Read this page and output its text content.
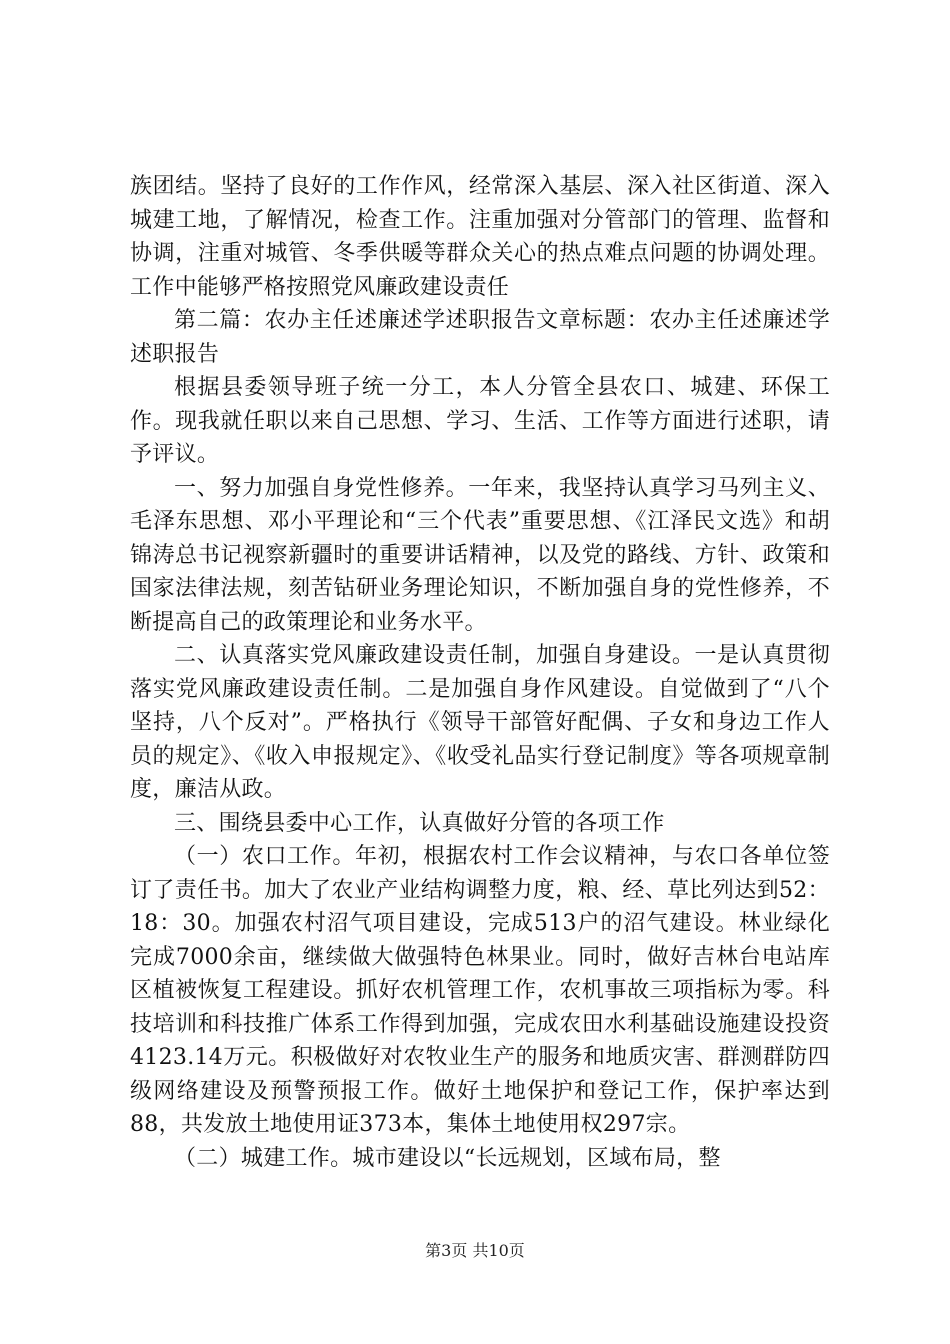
族团结。坚持了良好的工作作风，经常深入基层、深入社区街道、深入城建工地，了解情况，检查工作。注重加强对分管部门的管理、监督和协调，注重对城管、冬季供暖等群众关心的热点难点问题的协调处理。工作中能够严格按照党风廉政建设责任

第二篇：农办主任述廉述学述职报告文章标题：农办主任述廉述学述职报告

根据县委领导班子统一分工，本人分管全县农口、城建、环保工作。现我就任职以来自己思想、学习、生活、工作等方面进行述职，请予评议。

一、努力加强自身党性修养。一年来，我坚持认真学习马列主义、毛泽东思想、邓小平理论和“三个代表”重要思想、《江泽民文选》和胡锦涛总书记视察新疆时的重要讲话精神，以及党的路线、方针、政策和国家法律法规，刻苦钻研业务理论知识，不断加强自身的党性修养，不断提高自己的政策理论和业务水平。

二、认真落实党风廉政建设责任制，加强自身建设。一是认真贯彻落实党风廉政建设责任制。二是加强自身作风建设。自觉做到了“八个坚持，八个反对”。严格执行《领导干部管好配偶、子女和身边工作人员的规定》、《收入申报规定》、《收受礼品实行登记制度》等各项规章制度，廉洁从政。

三、围绕县委中心工作，认真做好分管的各项工作

（一）农口工作。年初，根据农村工作会议精神，与农口各单位签订了责任书。加大了农业产业结构调整力度，粮、经、草比列达到52：18：30。加强农村沼气项目建设，完成513户的沼气建设。林业绿化完成7000余亩，继续做大做强特色林果业。同时，做好吉林台电站库区植被恢复工程建设。抓好农机管理工作，农机事故三项指标为零。科技培训和科技推广体系工作得到加强，完成农田水利基础设施建设投资4123.14万元。积极做好对农牧业生产的服务和地质灾害、群测群防四级网络建设及预警预报工作。做好土地保护和登记工作，保护率达到88，共发放土地使用证373本，集体土地使用权297宗。

（二）城建工作。城市建设以“长远规划，区域布局，整

第3页 共10页
